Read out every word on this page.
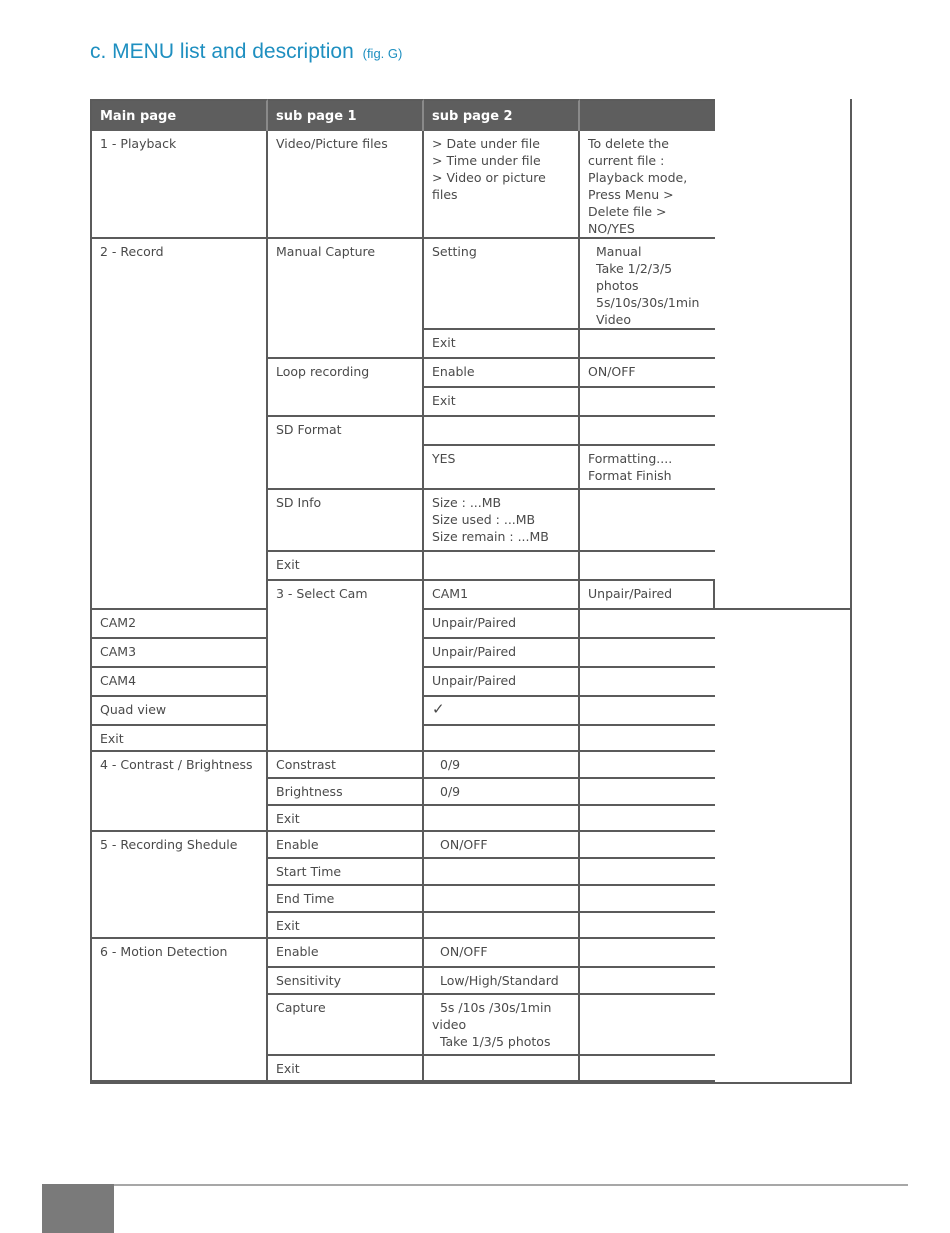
c. MENU list and description (fig. G)
Main page	sub page 1	sub page 2		
1 - Playback	Video/Picture files	> Date under file
> Time under file
> Video or picture files	To delete the current file :
Playback mode, Press Menu >
Delete file > NO/YES	
2 - Record	Manual Capture	Setting	Manual
Take 1/2/3/5 photos
5s/10s/30s/1min Video	
		Exit		
	Loop recording	Enable	ON/OFF	
		Exit		
	SD Format			
		YES	Formatting....
Format Finish	
	SD Info	Size : ...MB
Size used : ...MB
Size remain : ...MB		
	Exit			
	3 - Select Cam	CAM1	Unpair/Paired	
CAM2		Unpair/Paired		
CAM3		Unpair/Paired		
CAM4		Unpair/Paired		
Quad view		✓		
Exit				
4 - Contrast / Brightness	Constrast	0/9		
	Brightness	0/9		
	Exit			
5 - Recording Shedule	Enable	ON/OFF		
	Start Time			
	End Time			
	Exit			
6 - Motion Detection	Enable	ON/OFF		
	Sensitivity	Low/High/Standard		
	Capture	5s /10s /30s/1min
video
Take 1/3/5 photos		
	Exit			
